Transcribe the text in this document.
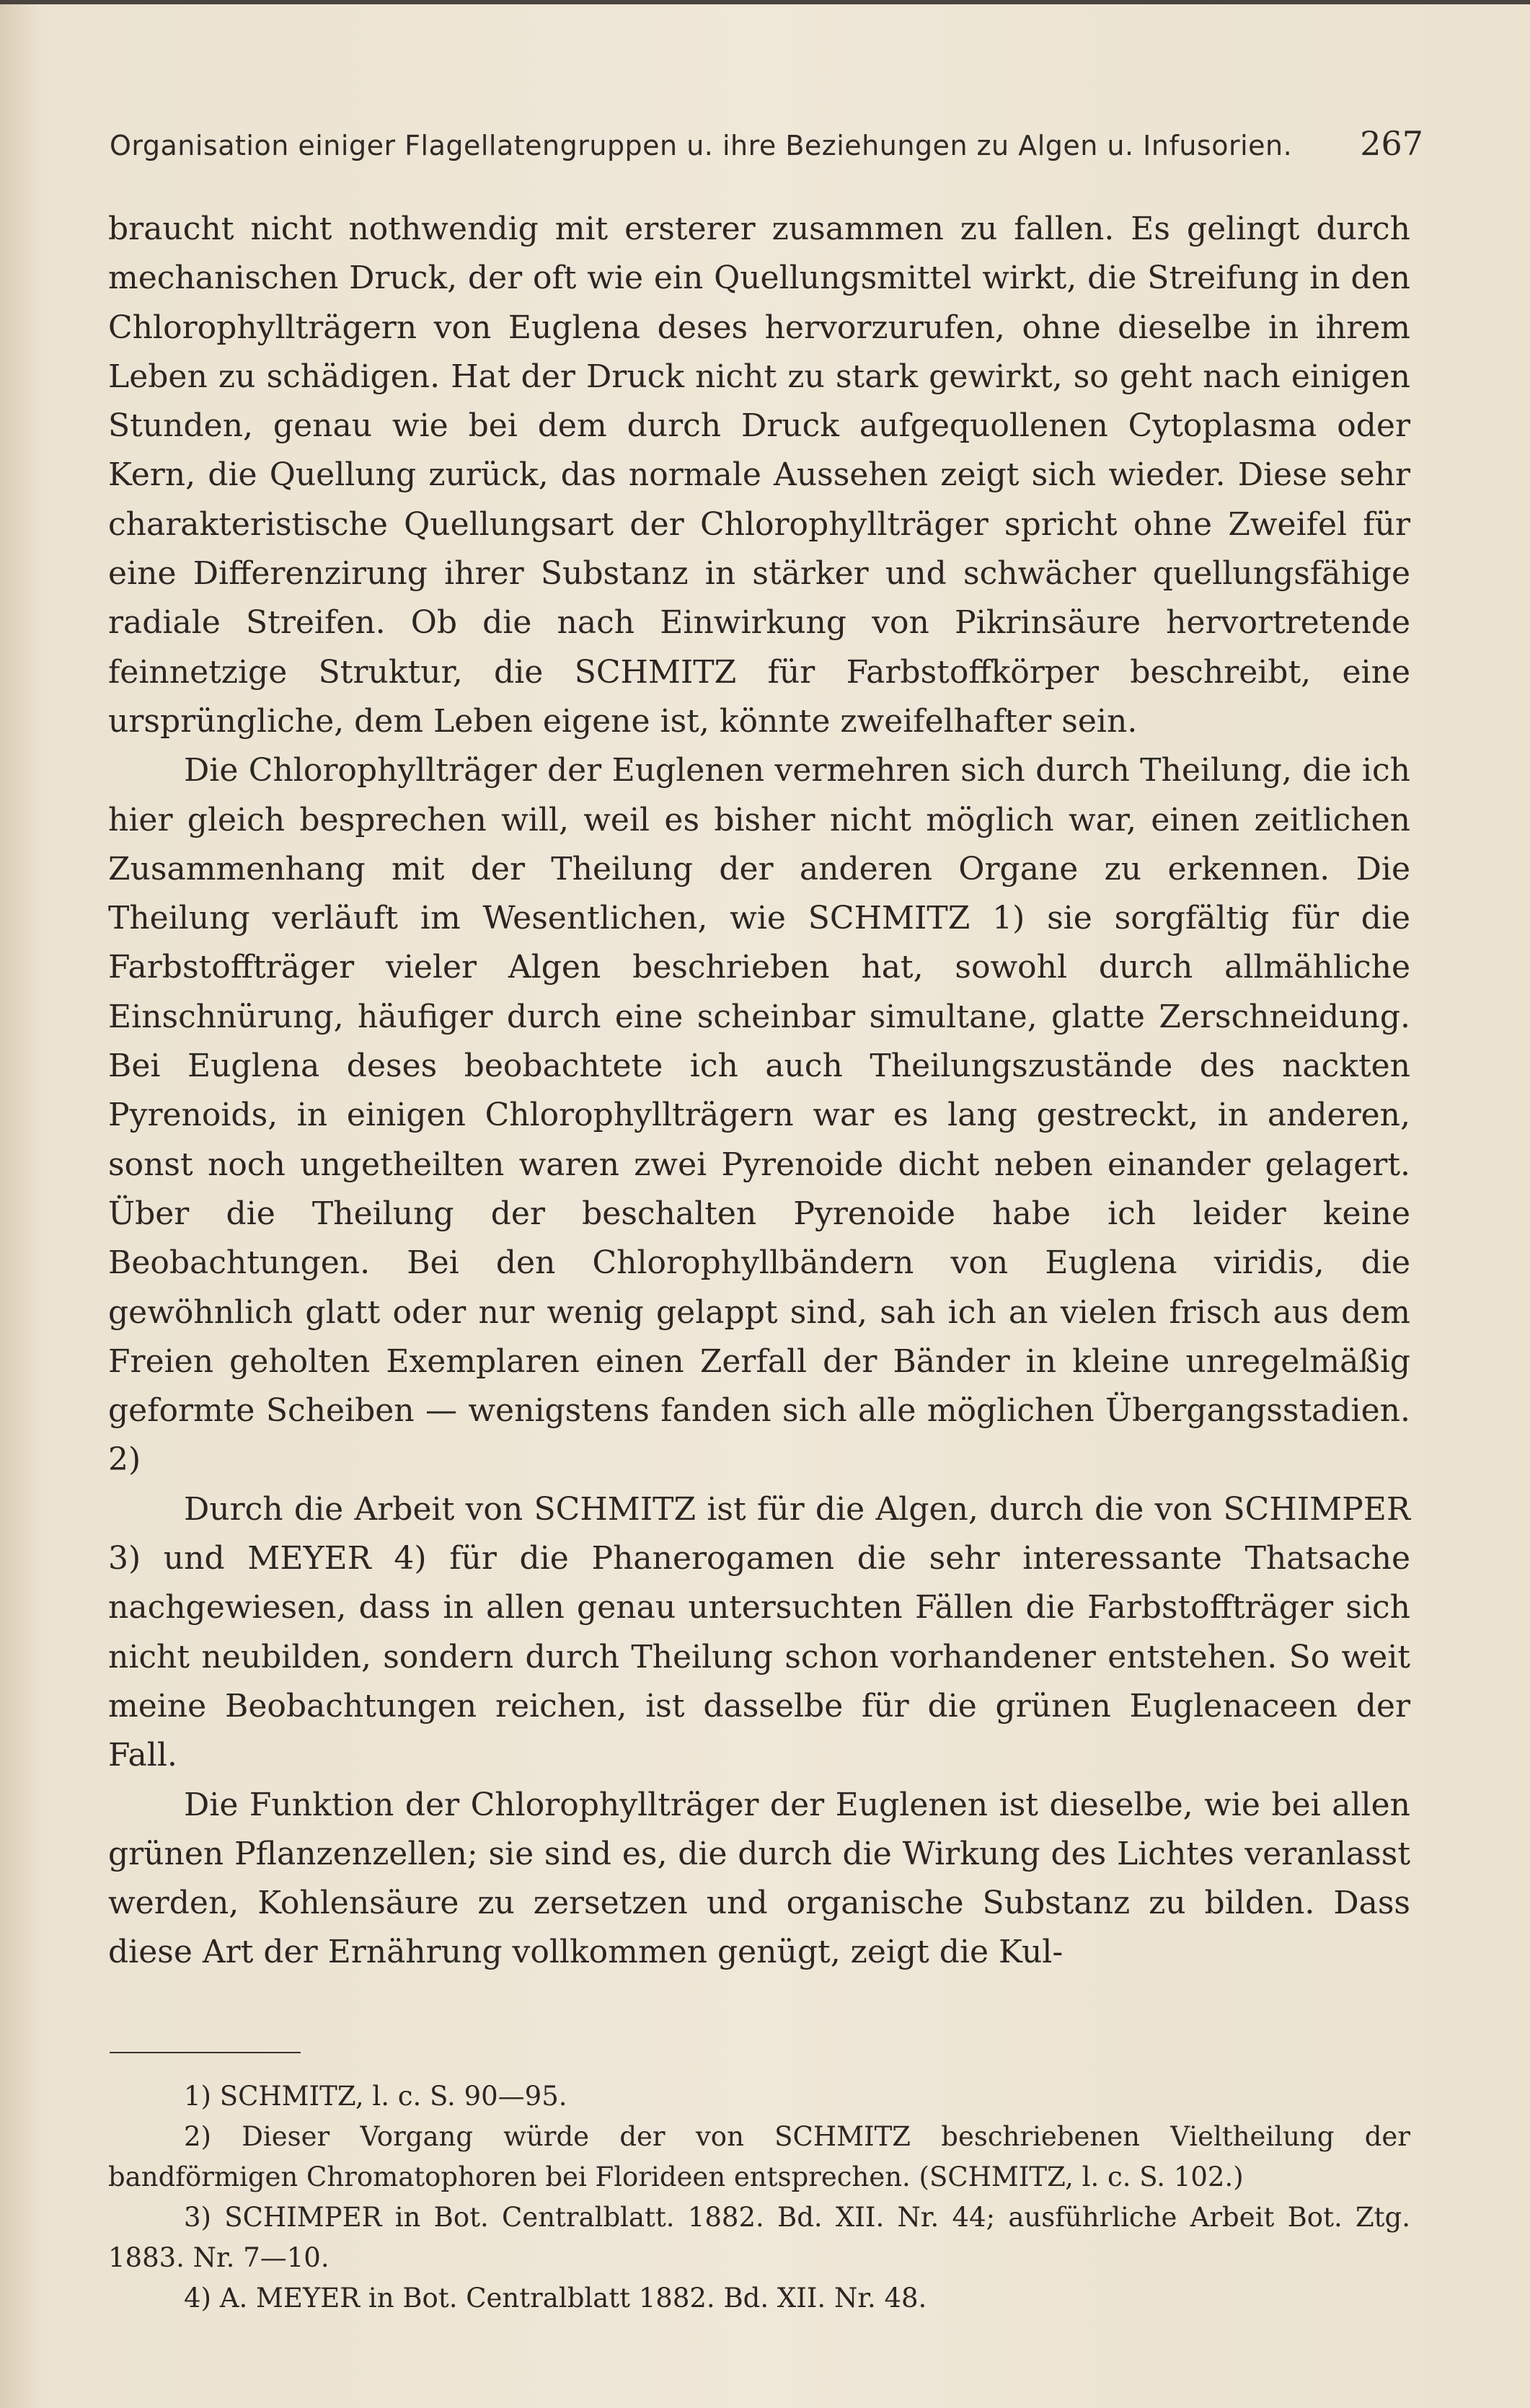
Organisation einiger Flagellatengruppen u. ihre Beziehungen zu Algen u. Infusorien. 267

braucht nicht nothwendig mit ersterer zusammen zu fallen. Es gelingt durch mechanischen Druck, der oft wie ein Quellungsmittel wirkt, die Streifung in den Chlorophyllträgern von Euglena deses hervorzurufen, ohne dieselbe in ihrem Leben zu schädigen. Hat der Druck nicht zu stark gewirkt, so geht nach einigen Stunden, genau wie bei dem durch Druck aufgequollenen Cytoplasma oder Kern, die Quellung zurück, das normale Aussehen zeigt sich wieder. Diese sehr charakteristische Quellungsart der Chlorophyllträger spricht ohne Zweifel für eine Differenzirung ihrer Substanz in stärker und schwächer quellungsfähige radiale Streifen. Ob die nach Einwirkung von Pikrinsäure hervortretende feinnetzige Struktur, die SCHMITZ für Farbstoffkörper beschreibt, eine ursprüngliche, dem Leben eigene ist, könnte zweifelhafter sein.

Die Chlorophyllträger der Euglenen vermehren sich durch Theilung, die ich hier gleich besprechen will, weil es bisher nicht möglich war, einen zeitlichen Zusammenhang mit der Theilung der anderen Organe zu erkennen. Die Theilung verläuft im Wesentlichen, wie SCHMITZ 1) sie sorgfältig für die Farbstoffträger vieler Algen beschrieben hat, sowohl durch allmähliche Einschnürung, häufiger durch eine scheinbar simultane, glatte Zerschneidung. Bei Euglena deses beobachtete ich auch Theilungszustände des nackten Pyrenoids, in einigen Chlorophyllträgern war es lang gestreckt, in anderen, sonst noch ungetheilten waren zwei Pyrenoide dicht neben einander gelagert. Über die Theilung der beschalten Pyrenoide habe ich leider keine Beobachtungen. Bei den Chlorophyllbändern von Euglena viridis, die gewöhnlich glatt oder nur wenig gelappt sind, sah ich an vielen frisch aus dem Freien geholten Exemplaren einen Zerfall der Bänder in kleine unregelmäßig geformte Scheiben — wenigstens fanden sich alle möglichen Übergangsstadien. 2)

Durch die Arbeit von SCHMITZ ist für die Algen, durch die von SCHIMPER 3) und MEYER 4) für die Phanerogamen die sehr interessante Thatsache nachgewiesen, dass in allen genau untersuchten Fällen die Farbstoffträger sich nicht neubilden, sondern durch Theilung schon vorhandener entstehen. So weit meine Beobachtungen reichen, ist dasselbe für die grünen Euglenaceen der Fall.

Die Funktion der Chlorophyllträger der Euglenen ist dieselbe, wie bei allen grünen Pflanzenzellen; sie sind es, die durch die Wirkung des Lichtes veranlasst werden, Kohlensäure zu zersetzen und organische Substanz zu bilden. Dass diese Art der Ernährung vollkommen genügt, zeigt die Kul-

1) SCHMITZ, l. c. S. 90—95.

2) Dieser Vorgang würde der von SCHMITZ beschriebenen Vieltheilung der bandförmigen Chromatophoren bei Florideen entsprechen. (SCHMITZ, l. c. S. 102.)

3) SCHIMPER in Bot. Centralblatt. 1882. Bd. XII. Nr. 44; ausführliche Arbeit Bot. Ztg. 1883. Nr. 7—10.

4) A. MEYER in Bot. Centralblatt 1882. Bd. XII. Nr. 48.
